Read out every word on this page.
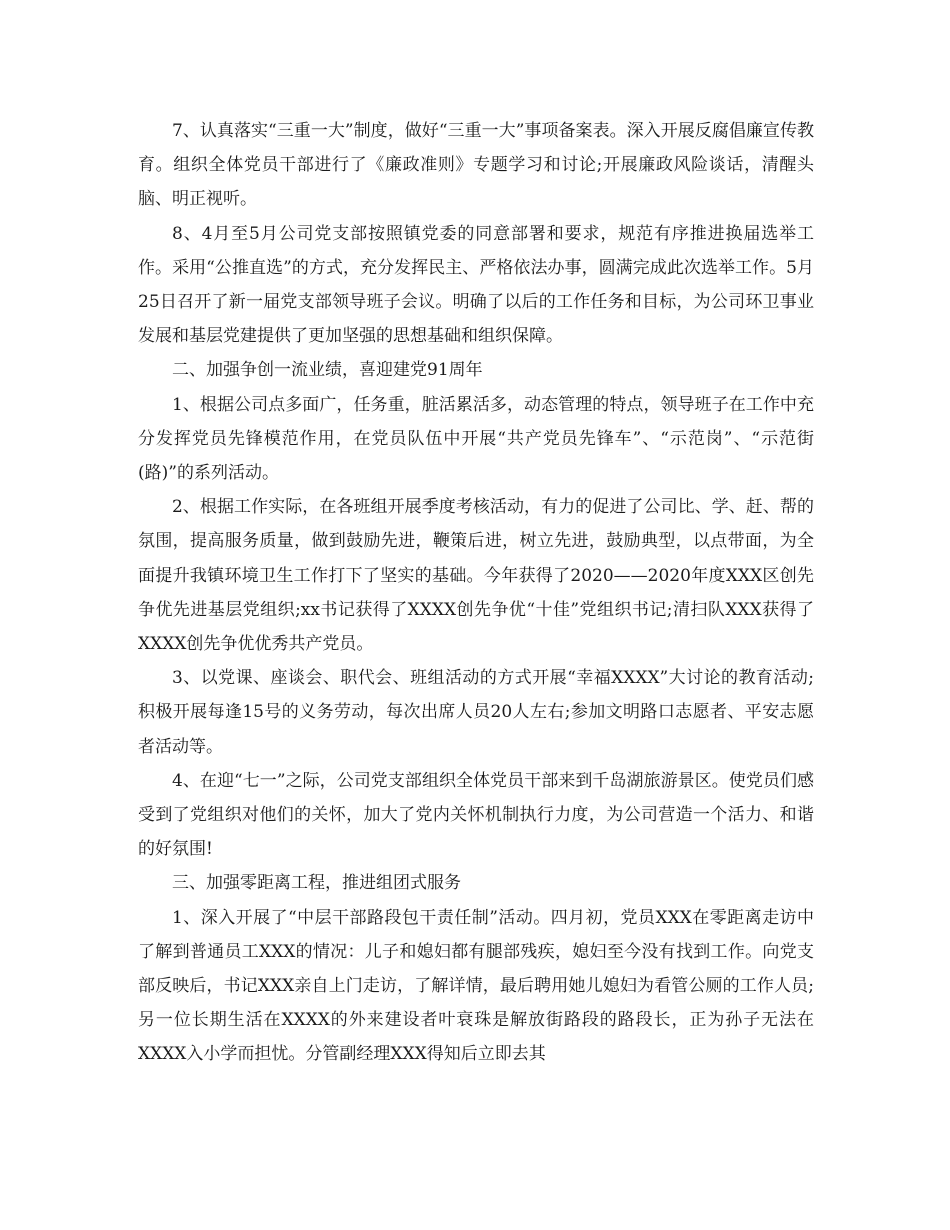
7、认真落实“三重一大”制度，做好“三重一大”事项备案表。深入开展反腐倡廉宣传教育。组织全体党员干部进行了《廉政准则》专题学习和讨论;开展廉政风险谈话，清醒头脑、明正视听。

8、4月至5月公司党支部按照镇党委的同意部署和要求，规范有序推进换届选举工作。采用“公推直选”的方式，充分发挥民主、严格依法办事，圆满完成此次选举工作。5月25日召开了新一届党支部领导班子会议。明确了以后的工作任务和目标，为公司环卫事业发展和基层党建提供了更加坚强的思想基础和组织保障。

二、加强争创一流业绩，喜迎建党91周年

1、根据公司点多面广，任务重，脏活累活多，动态管理的特点，领导班子在工作中充分发挥党员先锋模范作用，在党员队伍中开展“共产党员先锋车”、“示范岗”、“示范街(路)”的系列活动。

2、根据工作实际，在各班组开展季度考核活动，有力的促进了公司比、学、赶、帮的氛围，提高服务质量，做到鼓励先进，鞭策后进，树立先进，鼓励典型，以点带面，为全面提升我镇环境卫生工作打下了坚实的基础。今年获得了2020——2020年度XXX区创先争优先进基层党组织;xx书记获得了XXXX创先争优“十佳”党组织书记;清扫队XXX获得了XXXX创先争优优秀共产党员。

3、以党课、座谈会、职代会、班组活动的方式开展“幸福XXXX”大讨论的教育活动;积极开展每逢15号的义务劳动，每次出席人员20人左右;参加文明路口志愿者、平安志愿者活动等。

4、在迎“七一”之际，公司党支部组织全体党员干部来到千岛湖旅游景区。使党员们感受到了党组织对他们的关怀，加大了党内关怀机制执行力度，为公司营造一个活力、和谐的好氛围!

三、加强零距离工程，推进组团式服务

1、深入开展了“中层干部路段包干责任制”活动。四月初，党员XXX在零距离走访中了解到普通员工XXX的情况：儿子和媳妇都有腿部残疾，媳妇至今没有找到工作。向党支部反映后，书记XXX亲自上门走访，了解详情，最后聘用她儿媳妇为看管公厕的工作人员;另一位长期生活在XXXX的外来建设者叶衰珠是解放街路段的路段长，正为孙子无法在XXXX入小学而担忧。分管副经理XXX得知后立即去其
